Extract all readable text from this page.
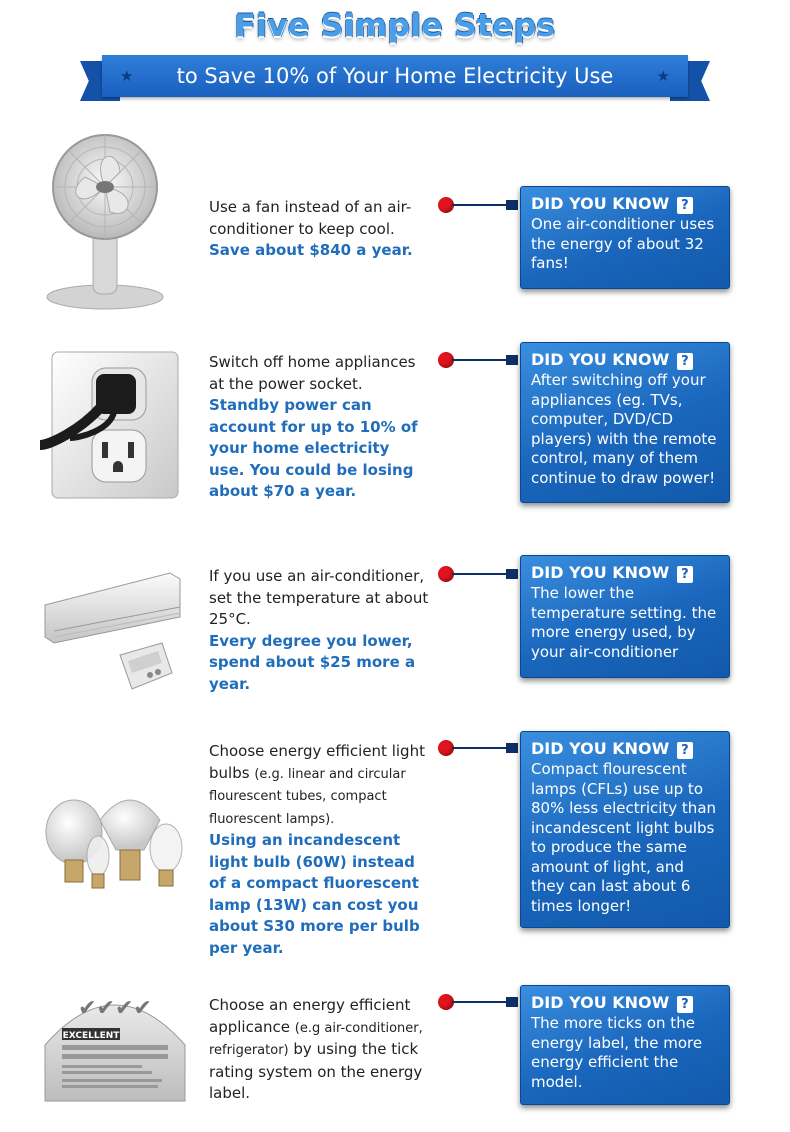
Five Simple Steps
★ to Save 10% of Your Home Electricity Use	★
Use a fan instead of an air-conditioner to keep cool.
Save about $840 a year.
DID YOU KNOW ?
One air-conditioner uses the energy of about 32 fans!
Switch off home appliances at the power socket.
Standby power can account for up to 10% of your home electricity use. You could be losing about $70 a year.
DID YOU KNOW ?
After switching off your appliances (eg. TVs, computer, DVD/CD players) with the remote control, many of them continue to draw power!
If you use an air-conditioner, set the temperature at about 25°C.
Every degree you lower, spend about $25 more a year.
DID YOU KNOW ?
The lower the temperature setting. the more energy used, by your air-conditioner
Choose energy efficient light bulbs (e.g. linear and circular flourescent tubes, compact fluorescent lamps).
Using an incandescent light bulb (60W) instead of a compact fluorescent lamp (13W) can cost you about S30 more per bulb per year.
DID YOU KNOW ?
Compact flourescent lamps (CFLs) use up to 80% less electricity than incandescent light bulbs to produce the same amount of light, and they can last about 6 times longer!
✔✔✔✔
EXCELLENT
Choose an energy efficient applicance (e.g air-conditioner, refrigerator) by using the tick rating system on the energy label.
DID YOU KNOW ?
The more ticks on the energy label, the more energy efficient the model.
